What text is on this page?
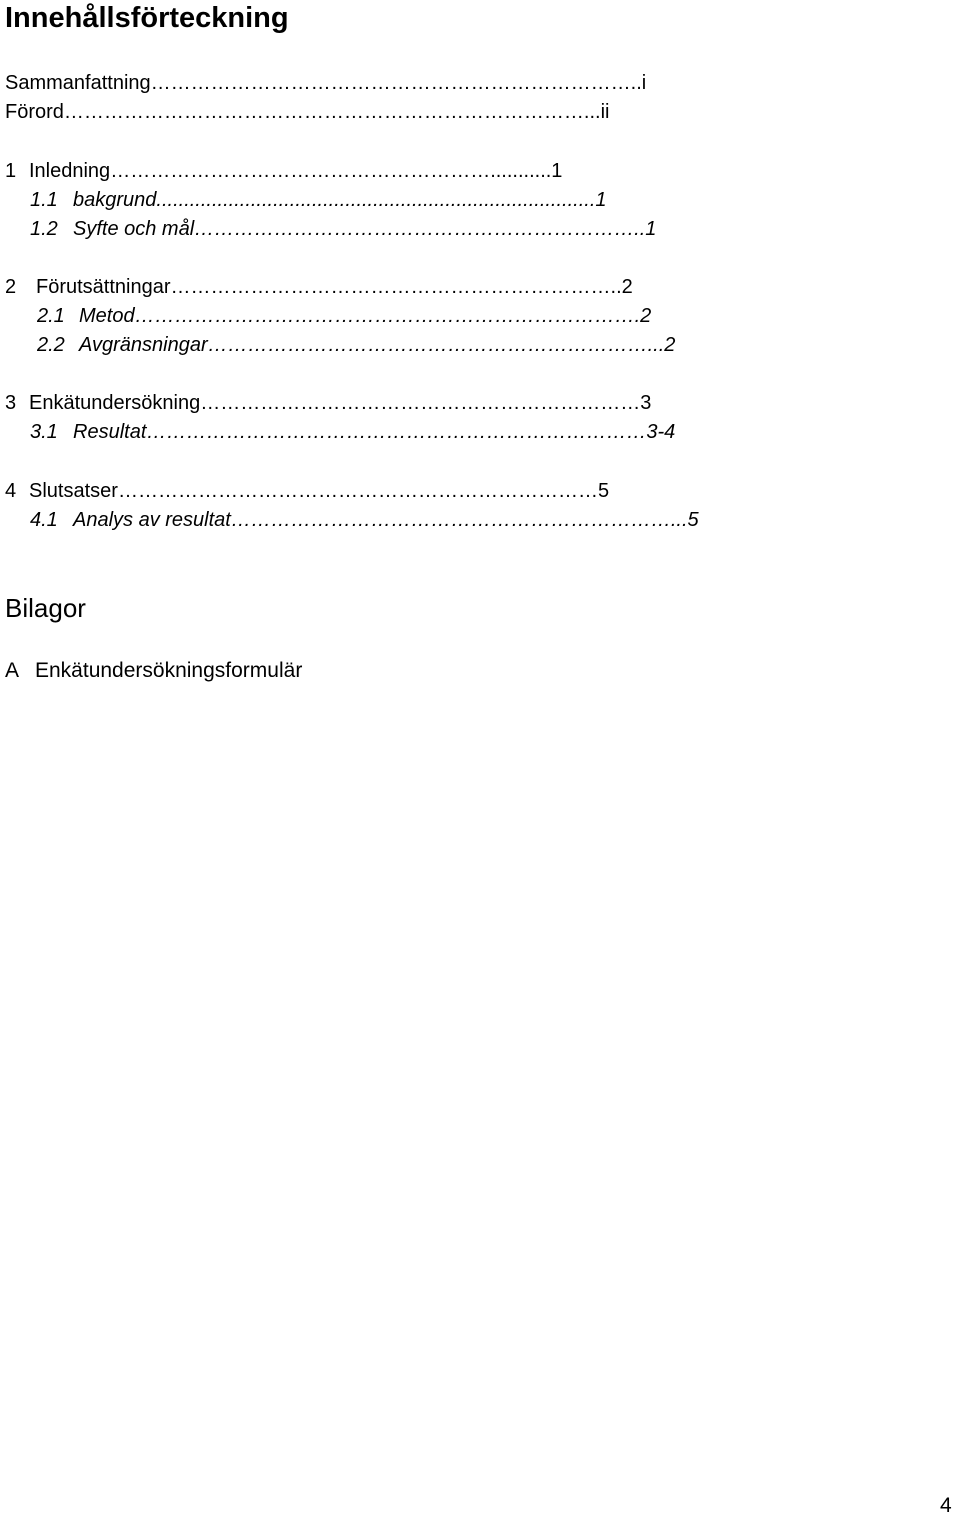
Innehållsförteckning
Sammanfattning………………………………………………………………..i
Förord……………………………………………………………………...ii
1 Inledning…………………………………………………...........1
1.1 bakgrund...............................................................................1
1.2 Syfte och mål…………………………………………………………..1
2 Förutsättningar…………………………………………………………..2
2.1 Metod………………………………………………………………….2
2.2 Avgränsningar…………………………………………………………...2
3 Enkätundersökning…………………………………………………………3
3.1 Resultat…………………………………………………………………3-4
4 Slutsatser………………………………………………………………5
4.1 Analys av resultat…………………………………………………………...5
Bilagor
A Enkätundersökningsformulär
4
